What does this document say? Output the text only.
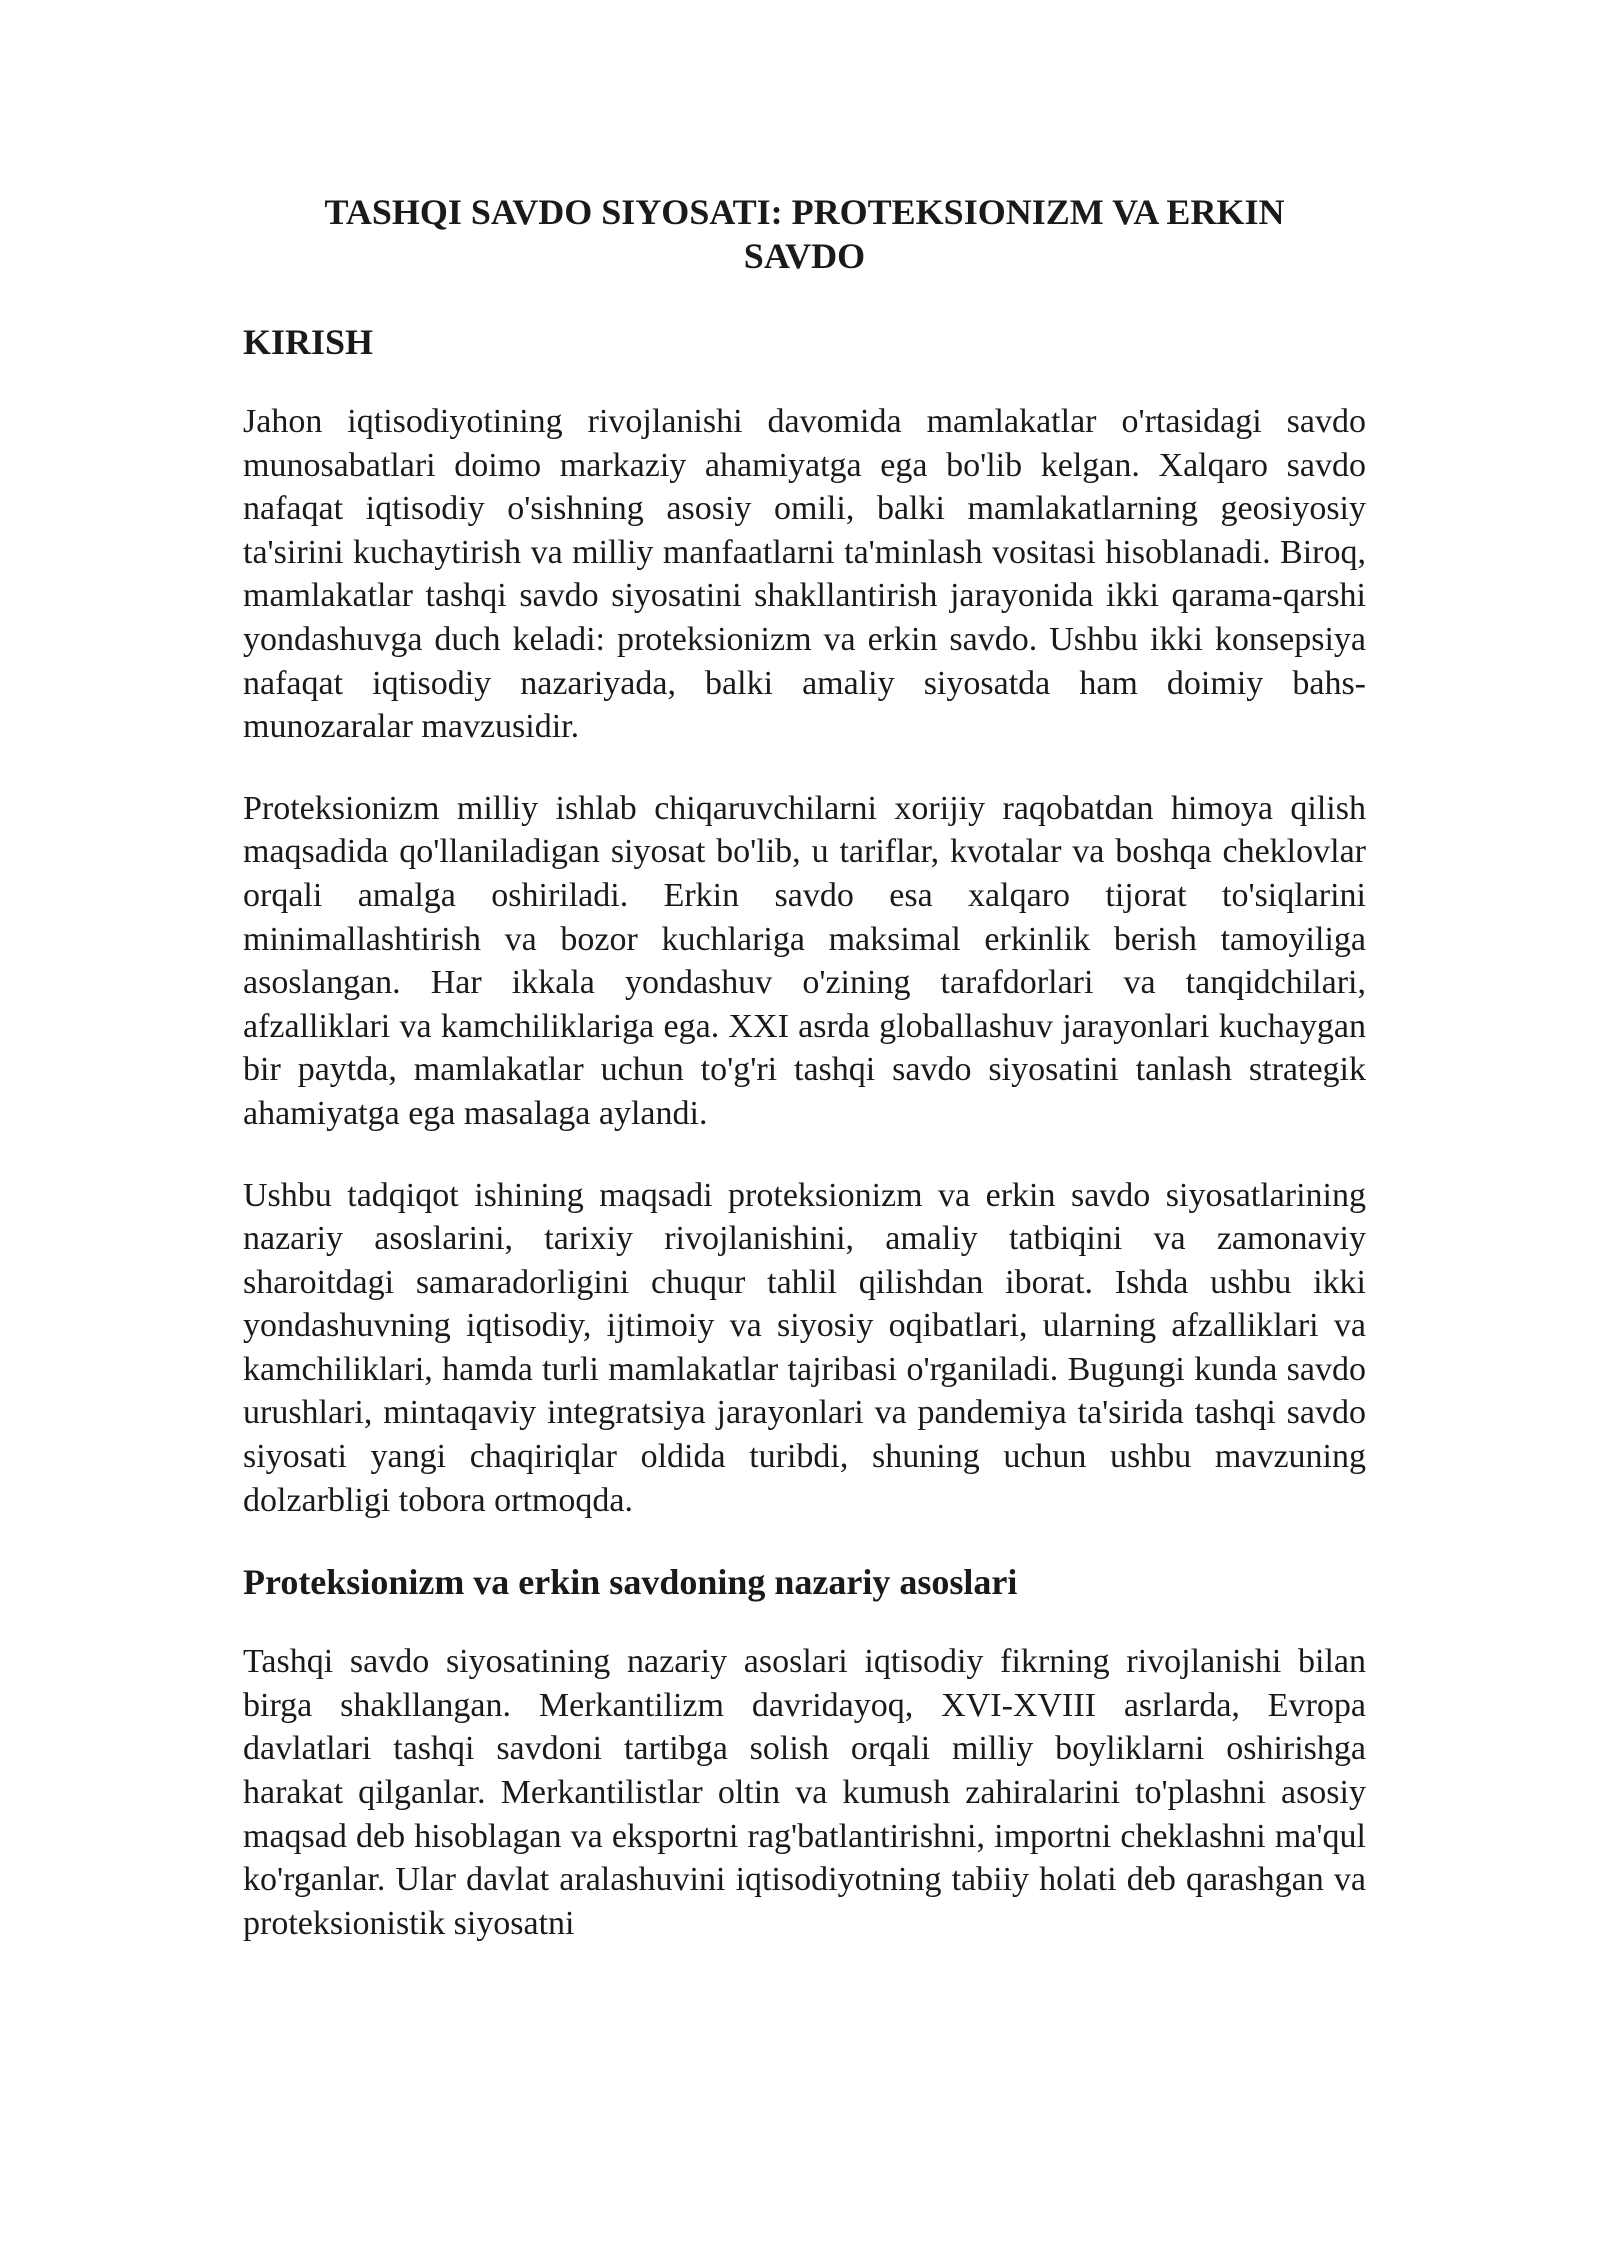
TASHQI SAVDO SIYOSATI: PROTEKSIONIZM VA ERKIN SAVDO
KIRISH

Jahon iqtisodiyotining rivojlanishi davomida mamlakatlar o'rtasidagi savdo munosabatlari doimo markaziy ahamiyatga ega bo'lib kelgan. Xalqaro savdo nafaqat iqtisodiy o'sishning asosiy omili, balki mamlakatlarning geosiyosiy ta'sirini kuchaytirish va milliy manfaatlarni ta'minlash vositasi hisoblanadi. Biroq, mamlakatlar tashqi savdo siyosatini shakllantirish jarayonida ikki qarama-qarshi yondashuvga duch keladi: proteksionizm va erkin savdo. Ushbu ikki konsepsiya nafaqat iqtisodiy nazariyada, balki amaliy siyosatda ham doimiy bahs-munozaralar mavzusidir.

Proteksionizm milliy ishlab chiqaruvchilarni xorijiy raqobatdan himoya qilish maqsadida qo'llaniladigan siyosat bo'lib, u tariflar, kvotalar va boshqa cheklovlar orqali amalga oshiriladi. Erkin savdo esa xalqaro tijorat to'siqlarini minimallashtirish va bozor kuchlariga maksimal erkinlik berish tamoyiliga asoslangan. Har ikkala yondashuv o'zining tarafdorlari va tanqidchilari, afzalliklari va kamchiliklariga ega. XXI asrda globallashuv jarayonlari kuchaygan bir paytda, mamlakatlar uchun to'g'ri tashqi savdo siyosatini tanlash strategik ahamiyatga ega masalaga aylandi.

Ushbu tadqiqot ishining maqsadi proteksionizm va erkin savdo siyosatlarining nazariy asoslarini, tarixiy rivojlanishini, amaliy tatbiqini va zamonaviy sharoitdagi samaradorligini chuqur tahlil qilishdan iborat. Ishda ushbu ikki yondashuvning iqtisodiy, ijtimoiy va siyosiy oqibatlari, ularning afzalliklari va kamchiliklari, hamda turli mamlakatlar tajribasi o'rganiladi. Bugungi kunda savdo urushlari, mintaqaviy integratsiya jarayonlari va pandemiya ta'sirida tashqi savdo siyosati yangi chaqiriqlar oldida turibdi, shuning uchun ushbu mavzuning dolzarbligi tobora ortmoqda.

Proteksionizm va erkin savdoning nazariy asoslari

Tashqi savdo siyosatining nazariy asoslari iqtisodiy fikrning rivojlanishi bilan birga shakllangan. Merkantilizm davridayoq, XVI-XVIII asrlarda, Evropa davlatlari tashqi savdoni tartibga solish orqali milliy boyliklarni oshirishga harakat qilganlar. Merkantilistlar oltin va kumush zahiralarini to'plashni asosiy maqsad deb hisoblagan va eksportni rag'batlantirishni, importni cheklashni ma'qul ko'rganlar. Ular davlat aralashuvini iqtisodiyotning tabiiy holati deb qarashgan va proteksionistik siyosatni
